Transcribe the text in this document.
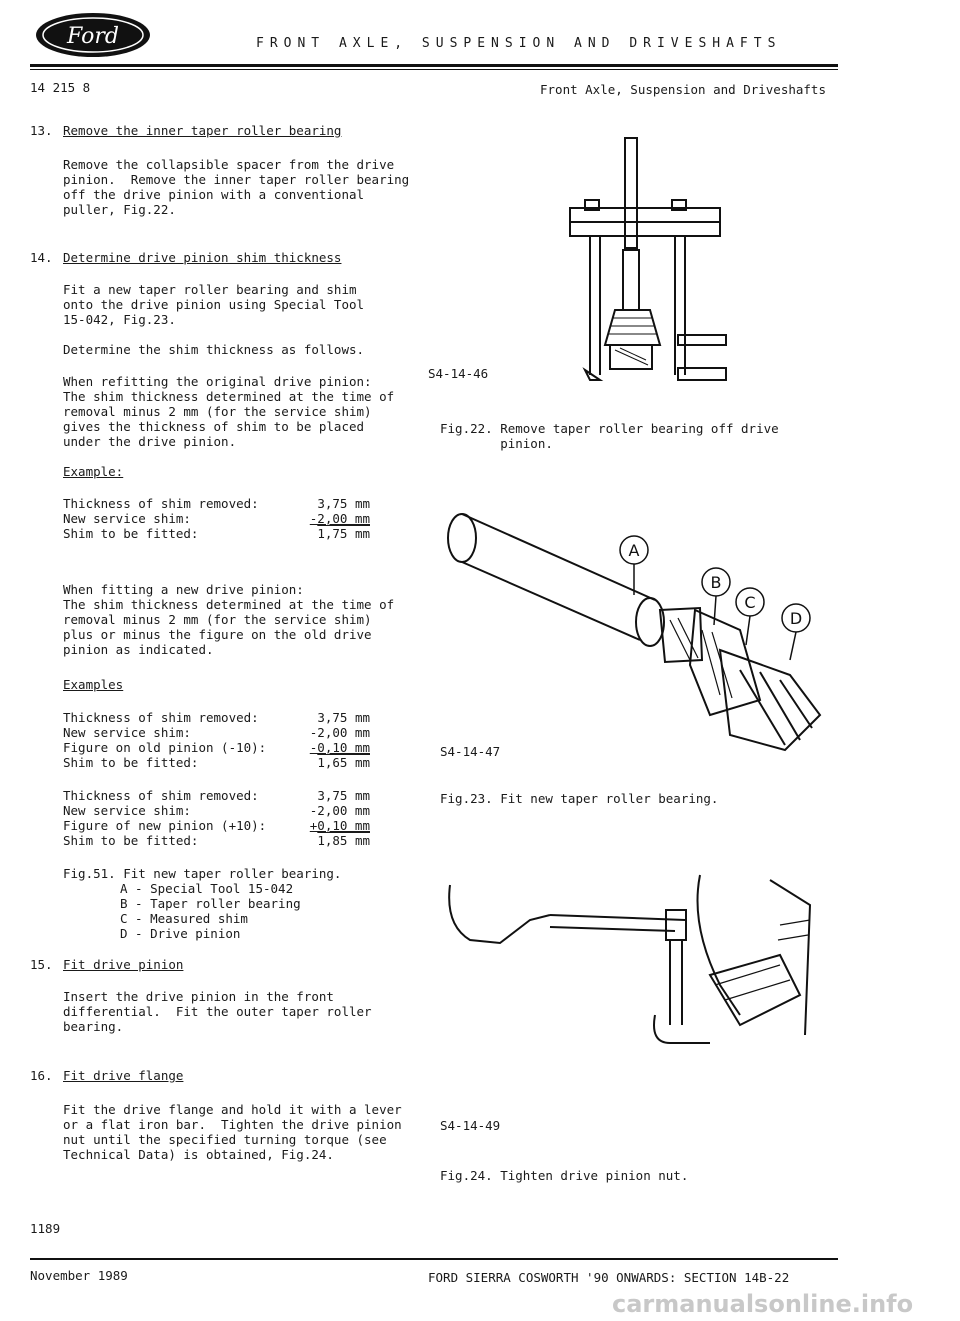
Ford	FRONT AXLE, SUSPENSION AND DRIVESHAFTS
14 215 8	Front Axle, Suspension and Driveshafts
13. Remove the inner taper roller bearing
Remove the collapsible spacer from the drive
pinion.  Remove the inner taper roller bearing
off the drive pinion with a conventional
puller, Fig.22.
14. Determine drive pinion shim thickness
Fit a new taper roller bearing and shim
onto the drive pinion using Special Tool
15-042, Fig.23.
Determine the shim thickness as follows.
When refitting the original drive pinion:
The shim thickness determined at the time of
removal minus 2 mm (for the service shim)
gives the thickness of shim to be placed
under the drive pinion.
Example:
Thickness of shim removed:	3,75 mm
New service shim:	-2,00 mm
Shim to be fitted:	1,75 mm
When fitting a new drive pinion:
The shim thickness determined at the time of
removal minus 2 mm (for the service shim)
plus or minus the figure on the old drive
pinion as indicated.
Examples
Thickness of shim removed:	3,75 mm
New service shim:	-2,00 mm
Figure on old pinion (-10):	-0,10 mm
Shim to be fitted:	1,65 mm
Thickness of shim removed:	3,75 mm
New service shim:	-2,00 mm
Figure of new pinion (+10):	+0,10 mm
Shim to be fitted:	1,85 mm
Fig.51. Fit new taper roller bearing.
A - Special Tool 15-042
B - Taper roller bearing
C - Measured shim
D - Drive pinion
15. Fit drive pinion
Insert the drive pinion in the front
differential.  Fit the outer taper roller
bearing.
16. Fit drive flange
Fit the drive flange and hold it with a lever
or a flat iron bar.  Tighten the drive pinion
nut until the specified turning torque (see
Technical Data) is obtained, Fig.24.
S4-14-46
Fig.22. Remove taper roller bearing off drive
pinion.
A
B
C
D
S4-14-47
Fig.23. Fit new taper roller bearing.
S4-14-49
Fig.24. Tighten drive pinion nut.
1189
November 1989	FORD SIERRA COSWORTH '90 ONWARDS: SECTION 14B-22
carmanualsonline.info
